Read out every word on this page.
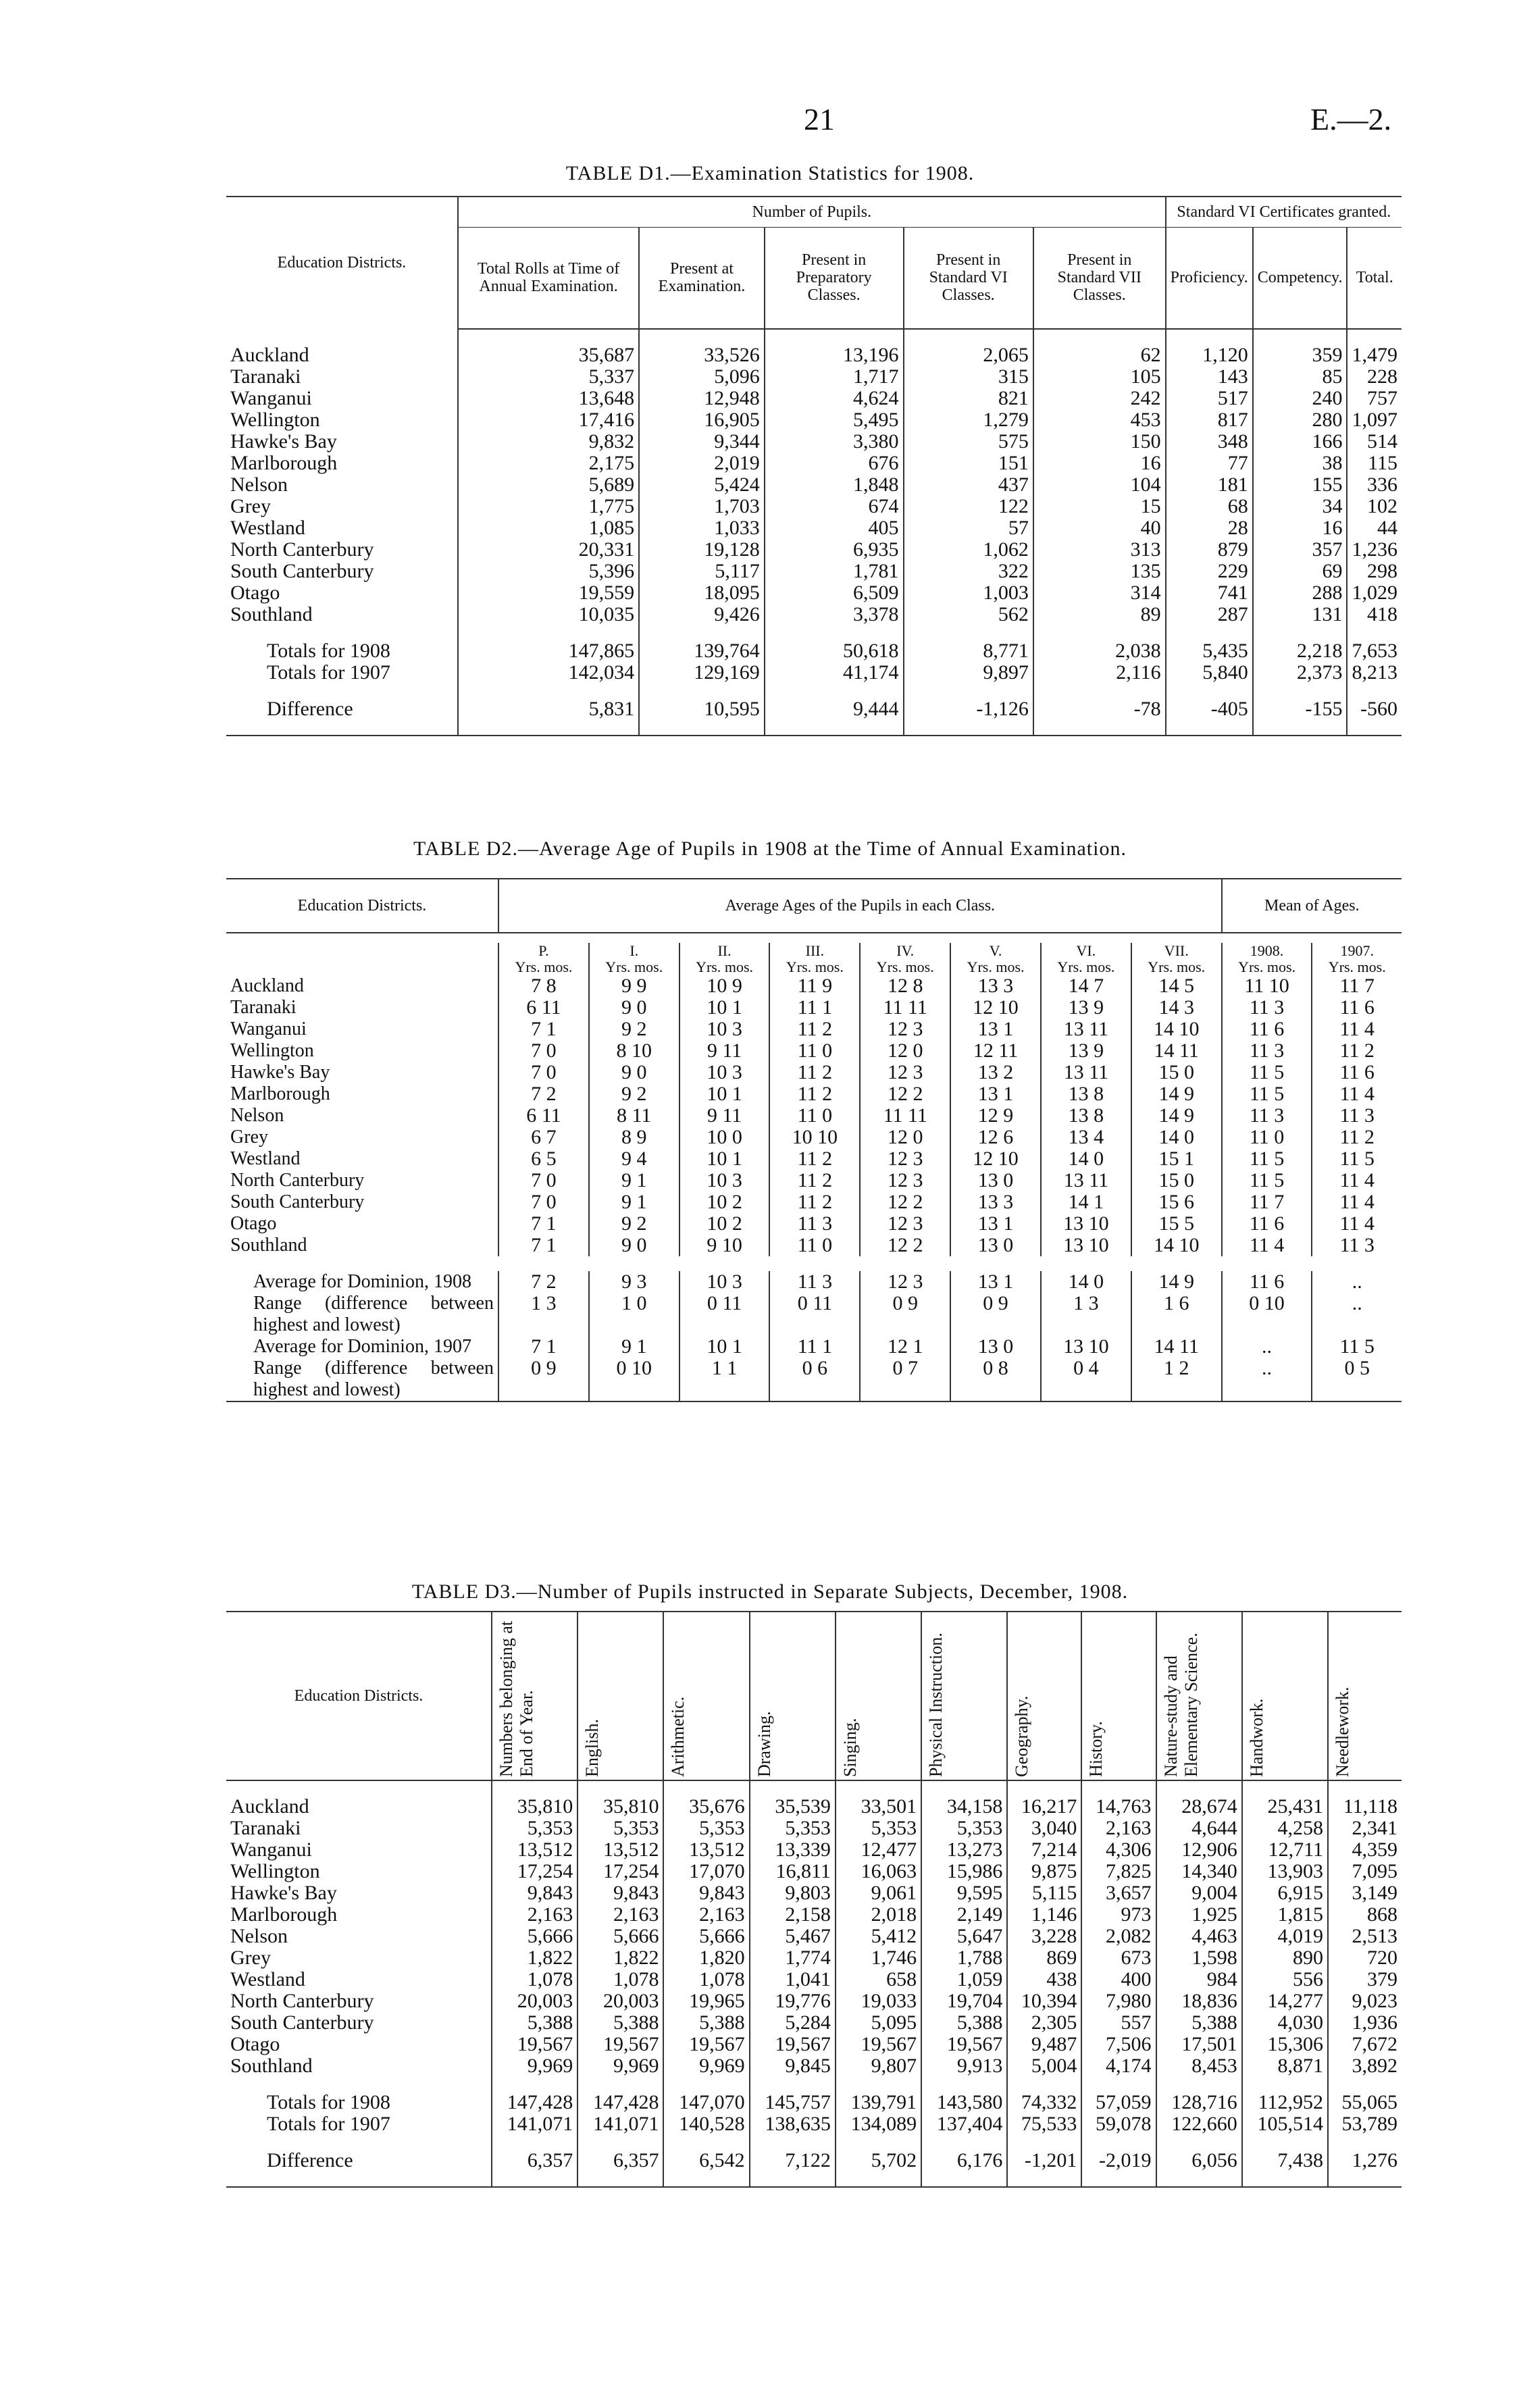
21	E.—2.
TABLE D1.—Examination Statistics for 1908.
Education Districts.	Number of Pupils.					Standard VI Certificates granted.		
	Total Rolls at Time of Annual Examination.	Present at Examination.	Present in Preparatory Classes.	Present in Standard VI Classes.	Present in Standard VII Classes.	Proficiency.	Competency.	Total.

Auckland	35,687	33,526	13,196	2,065	62	1,120	359	1,479
Taranaki	5,337	5,096	1,717	315	105	143	85	228
Wanganui	13,648	12,948	4,624	821	242	517	240	757
Wellington	17,416	16,905	5,495	1,279	453	817	280	1,097
Hawke's Bay	9,832	9,344	3,380	575	150	348	166	514
Marlborough	2,175	2,019	676	151	16	77	38	115
Nelson	5,689	5,424	1,848	437	104	181	155	336
Grey	1,775	1,703	674	122	15	68	34	102
Westland	1,085	1,033	405	57	40	28	16	44
North Canterbury	20,331	19,128	6,935	1,062	313	879	357	1,236
South Canterbury	5,396	5,117	1,781	322	135	229	69	298
Otago	19,559	18,095	6,509	1,003	314	741	288	1,029
Southland	10,035	9,426	3,378	562	89	287	131	418

Totals for 1908	147,865	139,764	50,618	8,771	2,038	5,435	2,218	7,653
Totals for 1907	142,034	129,169	41,174	9,897	2,116	5,840	2,373	8,213

Difference	5,831	10,595	9,444	-1,126	-78	-405	-155	-560

TABLE D2.—Average Age of Pupils in 1908 at the Time of Annual Examination.
Education Districts.	Average Ages of the Pupils in each Class.								Mean of Ages.	

	P.	I.	II.	III.	IV.	V.	VI.	VII.	1908.	1907.
	Yrs. mos.	Yrs. mos.	Yrs. mos.	Yrs. mos.	Yrs. mos.	Yrs. mos.	Yrs. mos.	Yrs. mos.	Yrs. mos.	Yrs. mos.
Auckland	7 8	9 9	10 9	11 9	12 8	13 3	14 7	14 5	11 10	11 7
Taranaki	6 11	9 0	10 1	11 1	11 11	12 10	13 9	14 3	11 3	11 6
Wanganui	7 1	9 2	10 3	11 2	12 3	13 1	13 11	14 10	11 6	11 4
Wellington	7 0	8 10	9 11	11 0	12 0	12 11	13 9	14 11	11 3	11 2
Hawke's Bay	7 0	9 0	10 3	11 2	12 3	13 2	13 11	15 0	11 5	11 6
Marlborough	7 2	9 2	10 1	11 2	12 2	13 1	13 8	14 9	11 5	11 4
Nelson	6 11	8 11	9 11	11 0	11 11	12 9	13 8	14 9	11 3	11 3
Grey	6 7	8 9	10 0	10 10	12 0	12 6	13 4	14 0	11 0	11 2
Westland	6 5	9 4	10 1	11 2	12 3	12 10	14 0	15 1	11 5	11 5
North Canterbury	7 0	9 1	10 3	11 2	12 3	13 0	13 11	15 0	11 5	11 4
South Canterbury	7 0	9 1	10 2	11 2	12 2	13 3	14 1	15 6	11 7	11 4
Otago	7 1	9 2	10 2	11 3	12 3	13 1	13 10	15 5	11 6	11 4
Southland	7 1	9 0	9 10	11 0	12 2	13 0	13 10	14 10	11 4	11 3

Average for Dominion, 1908	7 2	9 3	10 3	11 3	12 3	13 1	14 0	14 9	11 6	..
Range (difference between highest and lowest)	1 3	1 0	0 11	0 11	0 9	0 9	1 3	1 6	0 10	..
Average for Dominion, 1907	7 1	9 1	10 1	11 1	12 1	13 0	13 10	14 11	..	11 5
Range (difference between highest and lowest)	0 9	0 10	1 1	0 6	0 7	0 8	0 4	1 2	..	0 5
TABLE D3.—Number of Pupils instructed in Separate Subjects, December, 1908.
Education Districts.	Numbers belonging at End of Year.	English.	Arithmetic.	Drawing.	Singing.	Physical Instruction.	Geography.	History.	Nature-study and Elementary Science.	Handwork.	Needlework.

Auckland	35,810	35,810	35,676	35,539	33,501	34,158	16,217	14,763	28,674	25,431	11,118
Taranaki	5,353	5,353	5,353	5,353	5,353	5,353	3,040	2,163	4,644	4,258	2,341
Wanganui	13,512	13,512	13,512	13,339	12,477	13,273	7,214	4,306	12,906	12,711	4,359
Wellington	17,254	17,254	17,070	16,811	16,063	15,986	9,875	7,825	14,340	13,903	7,095
Hawke's Bay	9,843	9,843	9,843	9,803	9,061	9,595	5,115	3,657	9,004	6,915	3,149
Marlborough	2,163	2,163	2,163	2,158	2,018	2,149	1,146	973	1,925	1,815	868
Nelson	5,666	5,666	5,666	5,467	5,412	5,647	3,228	2,082	4,463	4,019	2,513
Grey	1,822	1,822	1,820	1,774	1,746	1,788	869	673	1,598	890	720
Westland	1,078	1,078	1,078	1,041	658	1,059	438	400	984	556	379
North Canterbury	20,003	20,003	19,965	19,776	19,033	19,704	10,394	7,980	18,836	14,277	9,023
South Canterbury	5,388	5,388	5,388	5,284	5,095	5,388	2,305	557	5,388	4,030	1,936
Otago	19,567	19,567	19,567	19,567	19,567	19,567	9,487	7,506	17,501	15,306	7,672
Southland	9,969	9,969	9,969	9,845	9,807	9,913	5,004	4,174	8,453	8,871	3,892

Totals for 1908	147,428	147,428	147,070	145,757	139,791	143,580	74,332	57,059	128,716	112,952	55,065
Totals for 1907	141,071	141,071	140,528	138,635	134,089	137,404	75,533	59,078	122,660	105,514	53,789

Difference	6,357	6,357	6,542	7,122	5,702	6,176	-1,201	-2,019	6,056	7,438	1,276
